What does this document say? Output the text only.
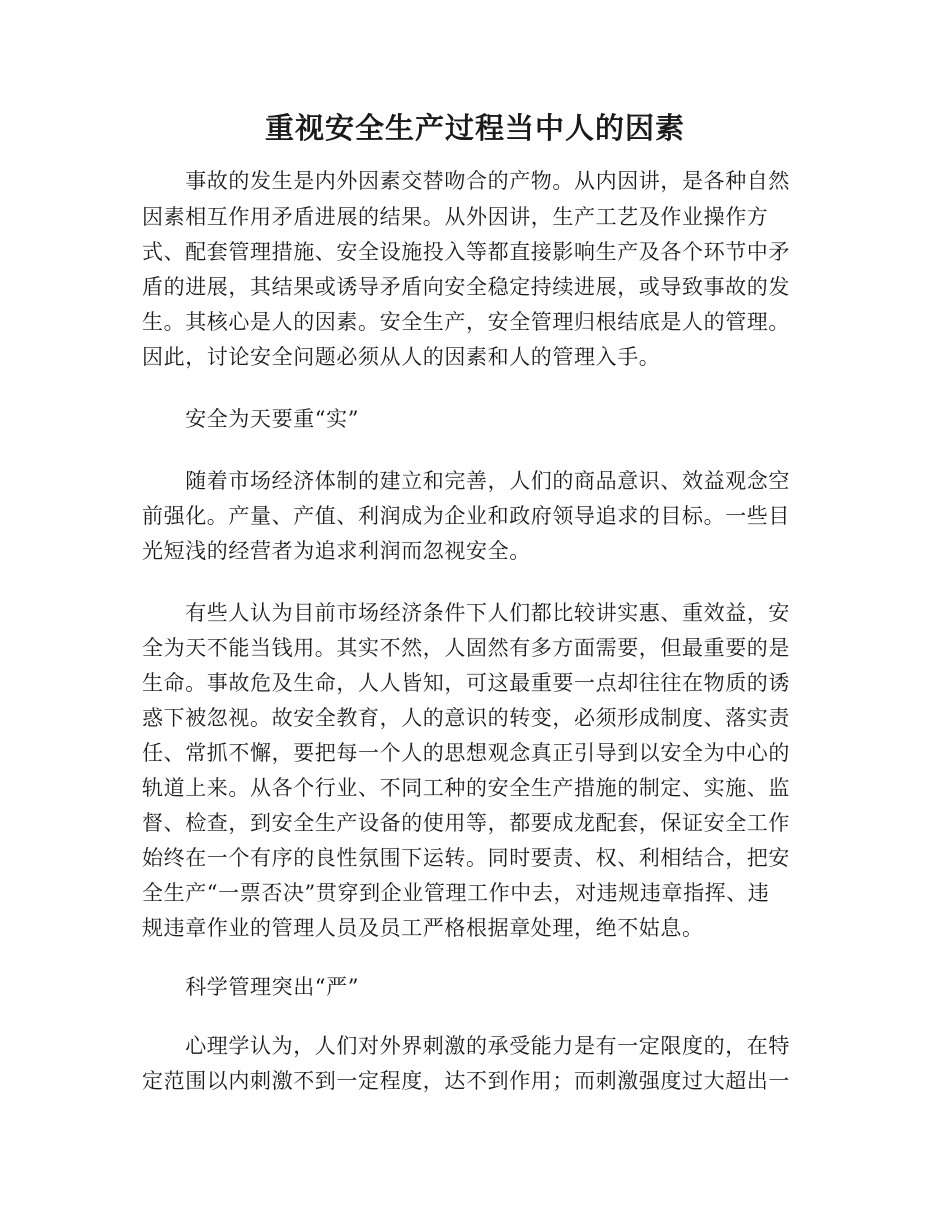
重视安全生产过程当中人的因素

　　事故的发生是内外因素交替吻合的产物。从内因讲，是各种自然

因素相互作用矛盾进展的结果。从外因讲，生产工艺及作业操作方

式、配套管理措施、安全设施投入等都直接影响生产及各个环节中矛

盾的进展，其结果或诱导矛盾向安全稳定持续进展，或导致事故的发

生。其核心是人的因素。安全生产，安全管理归根结底是人的管理。

因此，讨论安全问题必须从人的因素和人的管理入手。

　　安全为天要重“实”

　　随着市场经济体制的建立和完善，人们的商品意识、效益观念空

前强化。产量、产值、利润成为企业和政府领导追求的目标。一些目

光短浅的经营者为追求利润而忽视安全。

　　有些人认为目前市场经济条件下人们都比较讲实惠、重效益，安

全为天不能当钱用。其实不然，人固然有多方面需要，但最重要的是

生命。事故危及生命，人人皆知，可这最重要一点却往往在物质的诱

惑下被忽视。故安全教育，人的意识的转变，必须形成制度、落实责

任、常抓不懈，要把每一个人的思想观念真正引导到以安全为中心的

轨道上来。从各个行业、不同工种的安全生产措施的制定、实施、监

督、检查，到安全生产设备的使用等，都要成龙配套，保证安全工作

始终在一个有序的良性氛围下运转。同时要责、权、利相结合，把安

全生产“一票否决”贯穿到企业管理工作中去，对违规违章指挥、违

规违章作业的管理人员及员工严格根据章处理，绝不姑息。

　　科学管理突出“严”

　　心理学认为，人们对外界刺激的承受能力是有一定限度的，在特

定范围以内刺激不到一定程度，达不到作用；而刺激强度过大超出一
